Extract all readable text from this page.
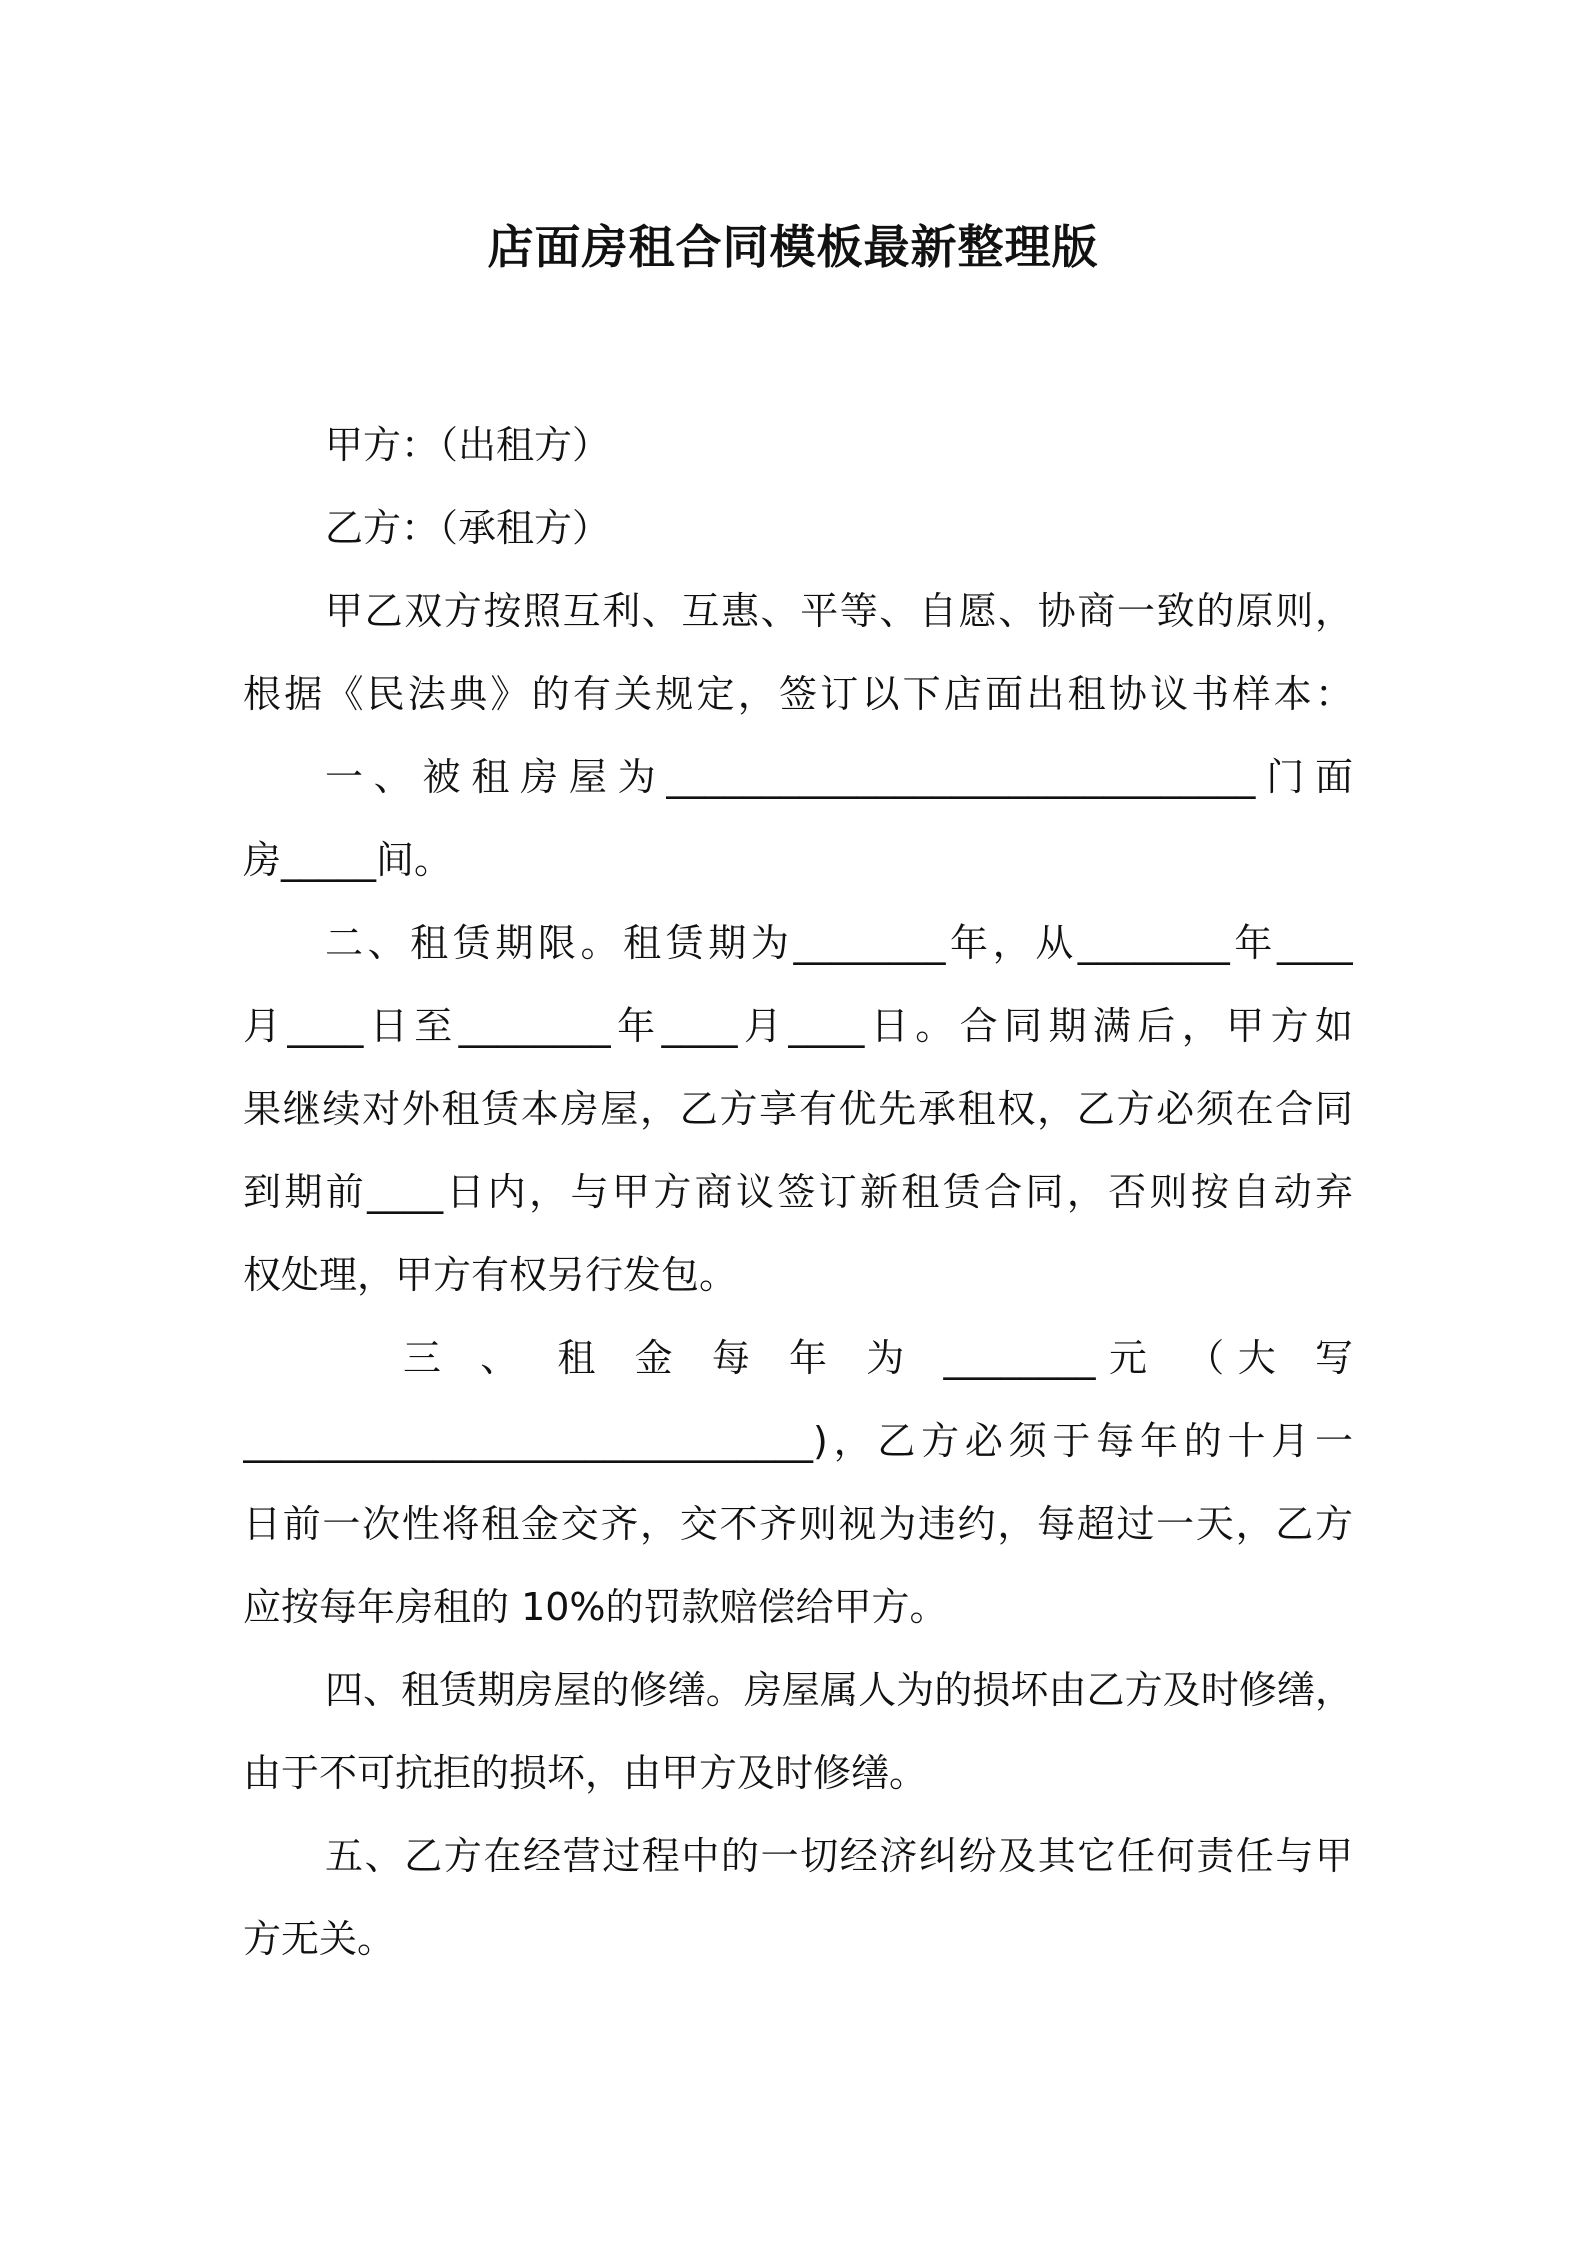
店面房租合同模板最新整理版
甲方：（出租方）
乙方：（承租方）
甲乙双方按照互利、互惠、平等、自愿、协商一致的原则，
根据《民法典》的有关规定，签订以下店面出租协议书样本：
一、被租房屋为_______________________________门面
房_____间。
二、租赁期限。租赁期为________年，从________年____
月____日至________年____月____日。合同期满后，甲方如
果继续对外租赁本房屋，乙方享有优先承租权，乙方必须在合同
到期前____日内，与甲方商议签订新租赁合同，否则按自动弃
权处理，甲方有权另行发包。
三 、 租 金 每 年 为 ________元 （大 写
______________________________)，乙方必须于每年的十月一
日前一次性将租金交齐，交不齐则视为违约，每超过一天，乙方
应按每年房租的 10%的罚款赔偿给甲方。
四、租赁期房屋的修缮。房屋属人为的损坏由乙方及时修缮，
由于不可抗拒的损坏，由甲方及时修缮。
五、乙方在经营过程中的一切经济纠纷及其它任何责任与甲
方无关。
